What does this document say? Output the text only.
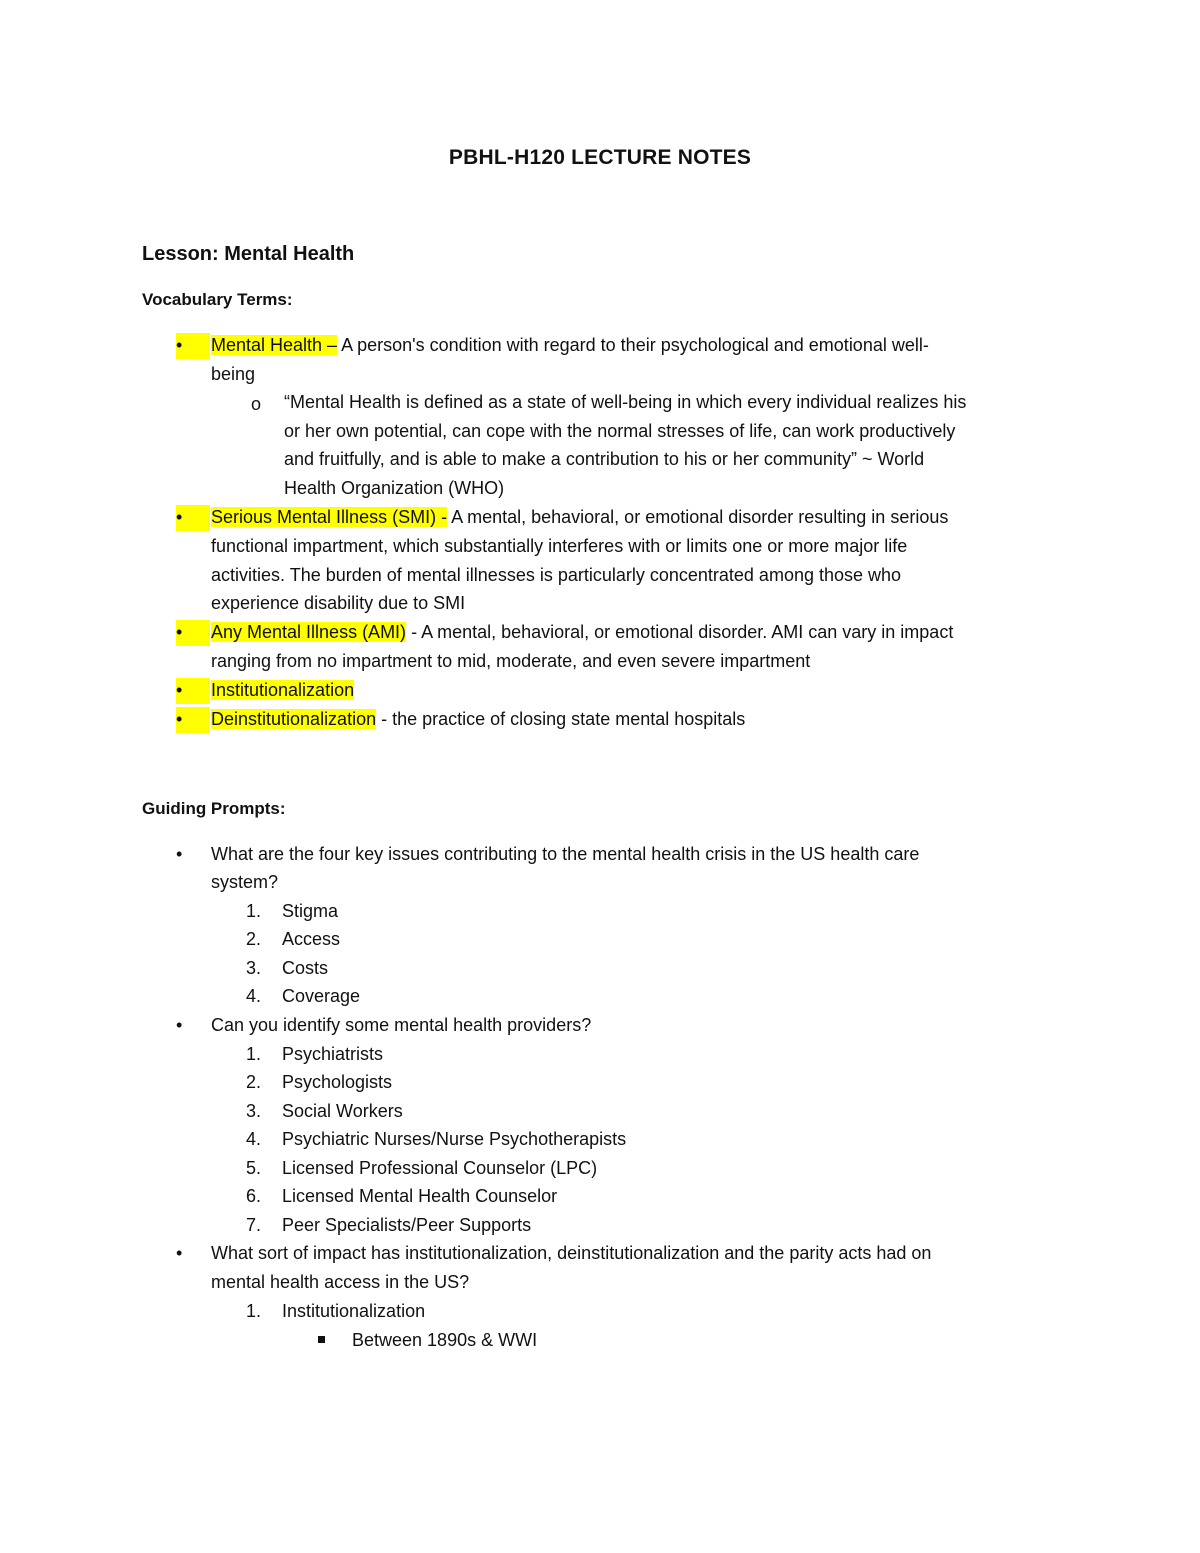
PBHL-H120 LECTURE NOTES
Lesson: Mental Health
Vocabulary Terms:
• Mental Health – A person's condition with regard to their psychological and emotional well-
being
o “Mental Health is defined as a state of well-being in which every individual realizes his
or her own potential, can cope with the normal stresses of life, can work productively
and fruitfully, and is able to make a contribution to his or her community” ~ World
Health Organization (WHO)
• Serious Mental Illness (SMI) - A mental, behavioral, or emotional disorder resulting in serious
functional impartment, which substantially interferes with or limits one or more major life
activities. The burden of mental illnesses is particularly concentrated among those who
experience disability due to SMI
• Any Mental Illness (AMI) - A mental, behavioral, or emotional disorder. AMI can vary in impact
ranging from no impartment to mid, moderate, and even severe impartment
• Institutionalization
• Deinstitutionalization - the practice of closing state mental hospitals
Guiding Prompts:
• What are the four key issues contributing to the mental health crisis in the US health care
system?
1. Stigma
2. Access
3. Costs
4. Coverage
• Can you identify some mental health providers?
1. Psychiatrists
2. Psychologists
3. Social Workers
4. Psychiatric Nurses/Nurse Psychotherapists
5. Licensed Professional Counselor (LPC)
6. Licensed Mental Health Counselor
7. Peer Specialists/Peer Supports
• What sort of impact has institutionalization, deinstitutionalization and the parity acts had on
mental health access in the US?
1. Institutionalization
Between 1890s & WWI
